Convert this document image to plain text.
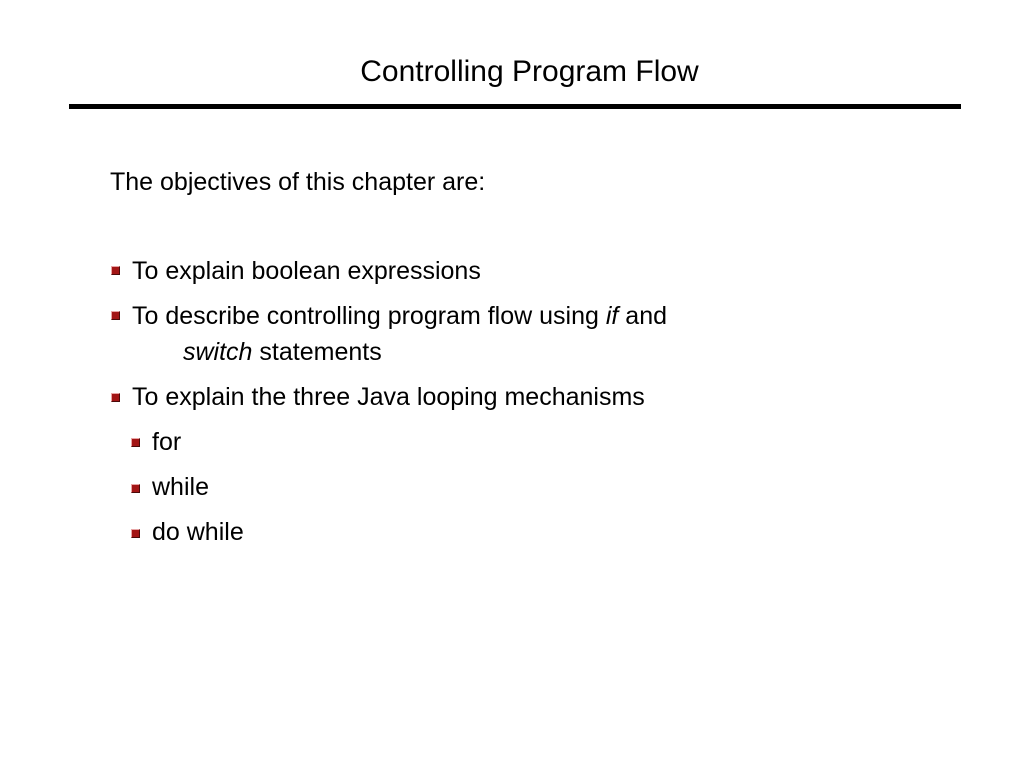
Controlling Program Flow
The objectives of this chapter are:
To explain boolean expressions
To describe controlling program flow using if and
switch statements
To explain the three Java looping mechanisms
for
while
do while
